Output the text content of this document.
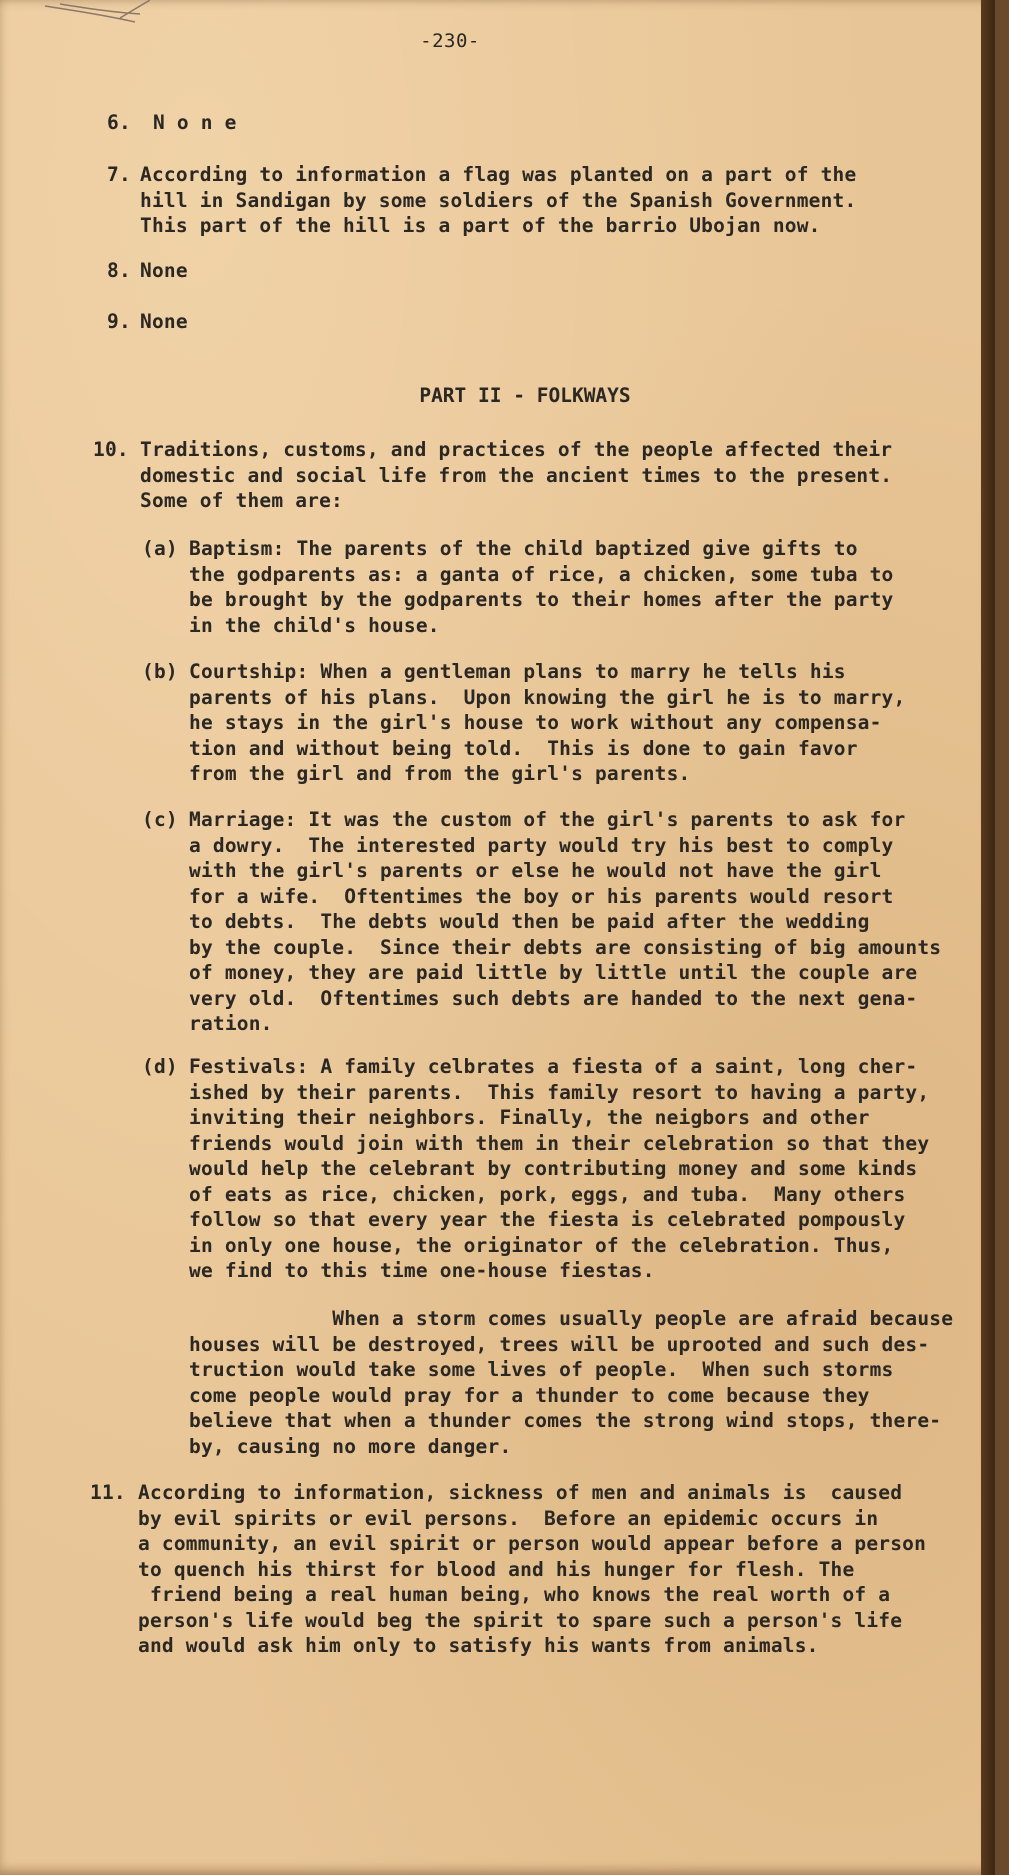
-230-

6.

N o n e

7.

According to information a flag was planted on a part of the
hill in Sandigan by some soldiers of the Spanish Government.
This part of the hill is a part of the barrio Ubojan now.

8.

None

9.

None

PART II - FOLKWAYS

10.

Traditions, customs, and practices of the people affected their
domestic and social life from the ancient times to the present.
Some of them are:

(a)

Baptism: The parents of the child baptized give gifts to
the godparents as: a ganta of rice, a chicken, some tuba to
be brought by the godparents to their homes after the party
in the child's house.

(b)

Courtship: When a gentleman plans to marry he tells his
parents of his plans.  Upon knowing the girl he is to marry,
he stays in the girl's house to work without any compensa-
tion and without being told.  This is done to gain favor
from the girl and from the girl's parents.

(c)

Marriage: It was the custom of the girl's parents to ask for
a dowry.  The interested party would try his best to comply
with the girl's parents or else he would not have the girl
for a wife.  Oftentimes the boy or his parents would resort
to debts.  The debts would then be paid after the wedding
by the couple.  Since their debts are consisting of big amounts
of money, they are paid little by little until the couple are
very old.  Oftentimes such debts are handed to the next gena-
ration.

(d)

Festivals: A family celbrates a fiesta of a saint, long cher-
ished by their parents.  This family resort to having a party,
inviting their neighbors. Finally, the neigbors and other
friends would join with them in their celebration so that they
would help the celebrant by contributing money and some kinds
of eats as rice, chicken, pork, eggs, and tuba.  Many others
follow so that every year the fiesta is celebrated pompously
in only one house, the originator of the celebration. Thus,
we find to this time one-house fiestas.

When a storm comes usually people are afraid because
houses will be destroyed, trees will be uprooted and such des-
truction would take some lives of people.  When such storms
come people would pray for a thunder to come because they
believe that when a thunder comes the strong wind stops, there-
by, causing no more danger.

11.

According to information, sickness of men and animals is  caused
by evil spirits or evil persons.  Before an epidemic occurs in
a community, an evil spirit or person would appear before a person
to quench his thirst for blood and his hunger for flesh. The
friend being a real human being, who knows the real worth of a
person's life would beg the spirit to spare such a person's life
and would ask him only to satisfy his wants from animals.
